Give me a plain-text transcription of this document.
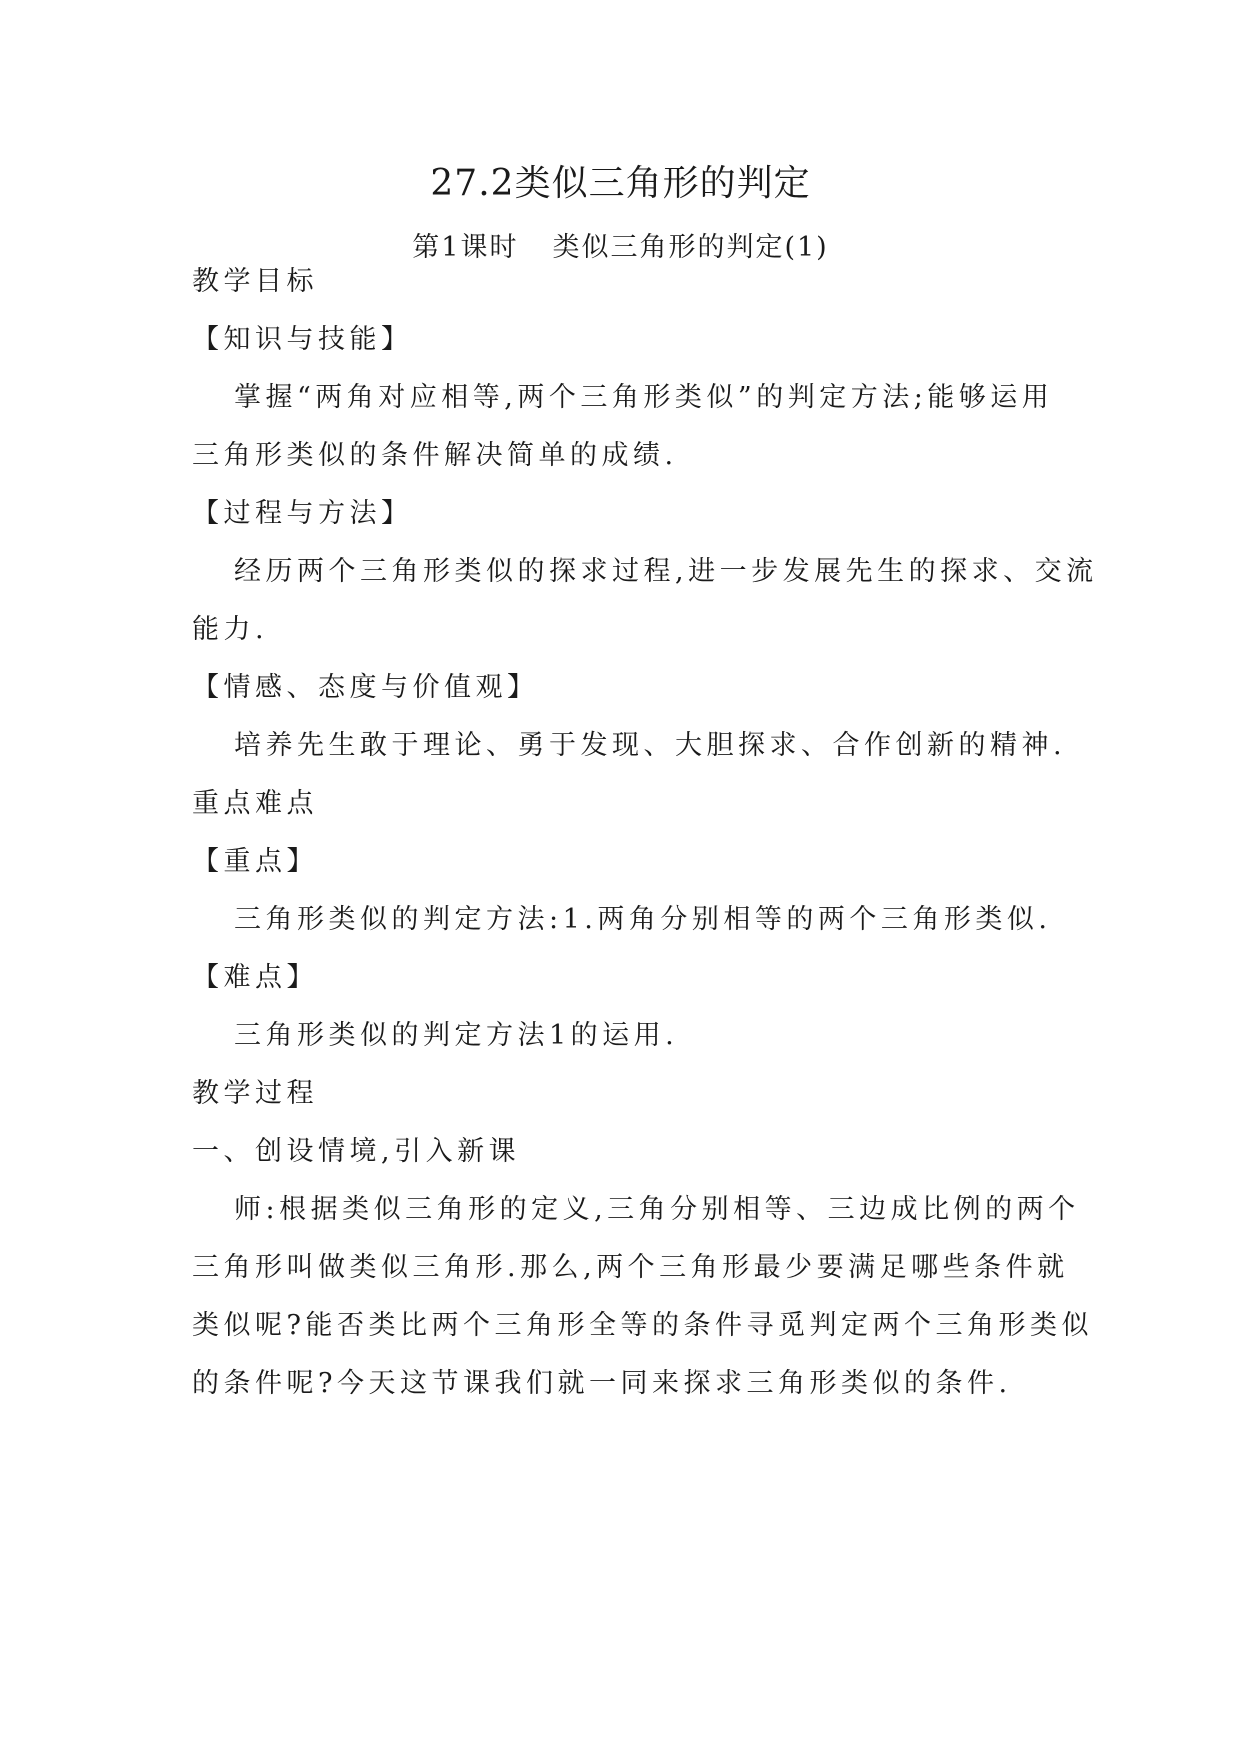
27.2类似三角形的判定
第1课时 类似三角形的判定(1)

教学目标

【知识与技能】

掌握“两角对应相等,两个三角形类似”的判定方法;能够运用

三角形类似的条件解决简单的成绩.

【过程与方法】

经历两个三角形类似的探求过程,进一步发展先生的探求、交流

能力.

【情感、态度与价值观】

培养先生敢于理论、勇于发现、大胆探求、合作创新的精神.

重点难点

【重点】

三角形类似的判定方法:1.两角分别相等的两个三角形类似.

【难点】

三角形类似的判定方法1的运用.

教学过程

一、创设情境,引入新课

师:根据类似三角形的定义,三角分别相等、三边成比例的两个

三角形叫做类似三角形.那么,两个三角形最少要满足哪些条件就

类似呢?能否类比两个三角形全等的条件寻觅判定两个三角形类似

的条件呢?今天这节课我们就一同来探求三角形类似的条件.
